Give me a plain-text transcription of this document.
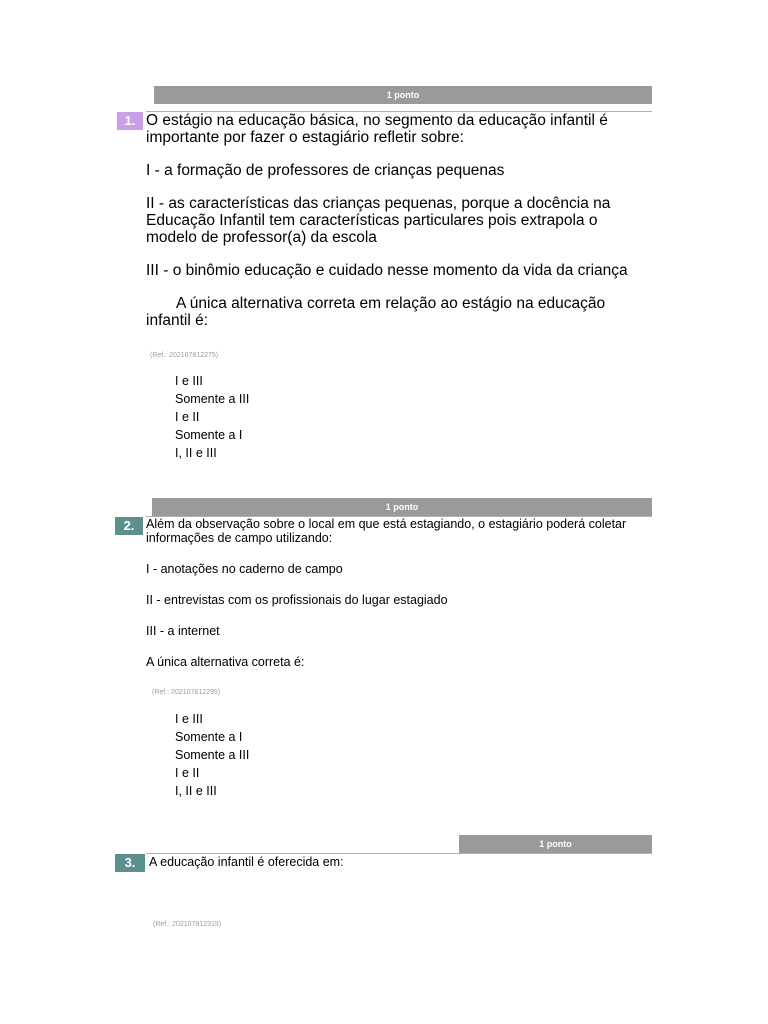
1 ponto
1. O estágio na educação básica, no segmento da educação infantil é importante por fazer o estagiário refletir sobre:

I - a formação de professores de crianças pequenas

II - as características das crianças pequenas, porque a docência na Educação Infantil tem características particulares pois extrapola o modelo de professor(a) da escola

III - o binômio educação e cuidado nesse momento da vida da criança

A única alternativa correta em relação ao estágio na educação infantil é:

(Ref.: 202107812275)
I e III
Somente a III
I e II
Somente a I
I, II e III
1 ponto
2. Além da observação sobre o local em que está estagiando, o estagiário poderá coletar informações de campo utilizando:

I - anotações no caderno de campo

II - entrevistas com os profissionais do lugar estagiado

III - a internet

A única alternativa correta é:

(Ref.: 202107812295)
I e III
Somente a I
Somente a III
I e II
I, II e III
1 ponto
3.	A educação infantil é oferecida em:

(Ref.: 202107812315)
